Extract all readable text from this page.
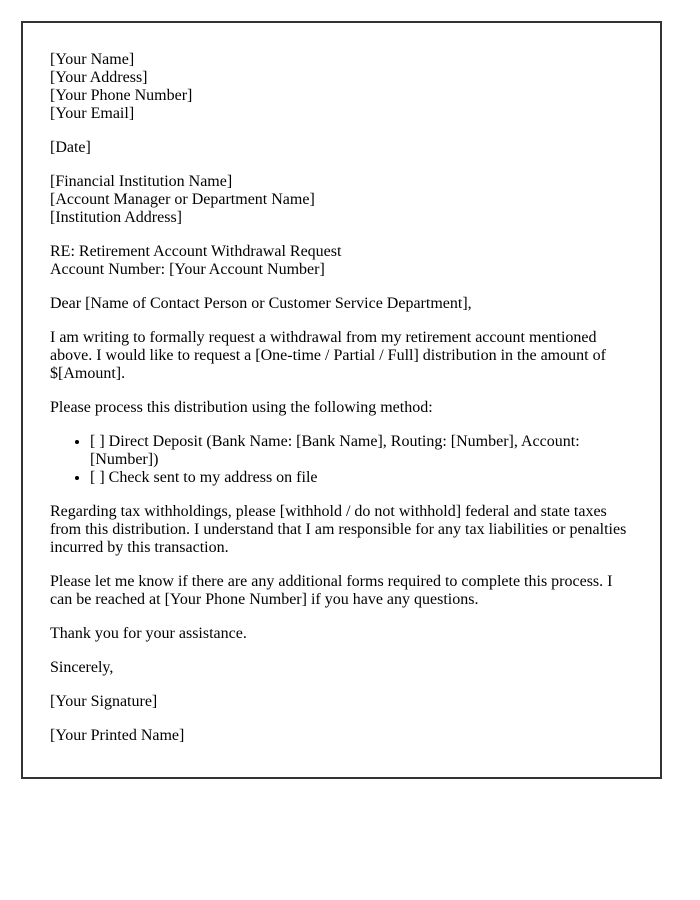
[Your Name]
[Your Address]
[Your Phone Number]
[Your Email]
[Date]
[Financial Institution Name]
[Account Manager or Department Name]
[Institution Address]
RE: Retirement Account Withdrawal Request
Account Number: [Your Account Number]
Dear [Name of Contact Person or Customer Service Department],
I am writing to formally request a withdrawal from my retirement account mentioned above. I would like to request a [One-time / Partial / Full] distribution in the amount of $[Amount].
Please process this distribution using the following method:
• [ ] Direct Deposit (Bank Name: [Bank Name], Routing: [Number], Account: [Number])
• [ ] Check sent to my address on file
Regarding tax withholdings, please [withhold / do not withhold] federal and state taxes from this distribution. I understand that I am responsible for any tax liabilities or penalties incurred by this transaction.
Please let me know if there are any additional forms required to complete this process. I can be reached at [Your Phone Number] if you have any questions.
Thank you for your assistance.
Sincerely,
[Your Signature]
[Your Printed Name]
